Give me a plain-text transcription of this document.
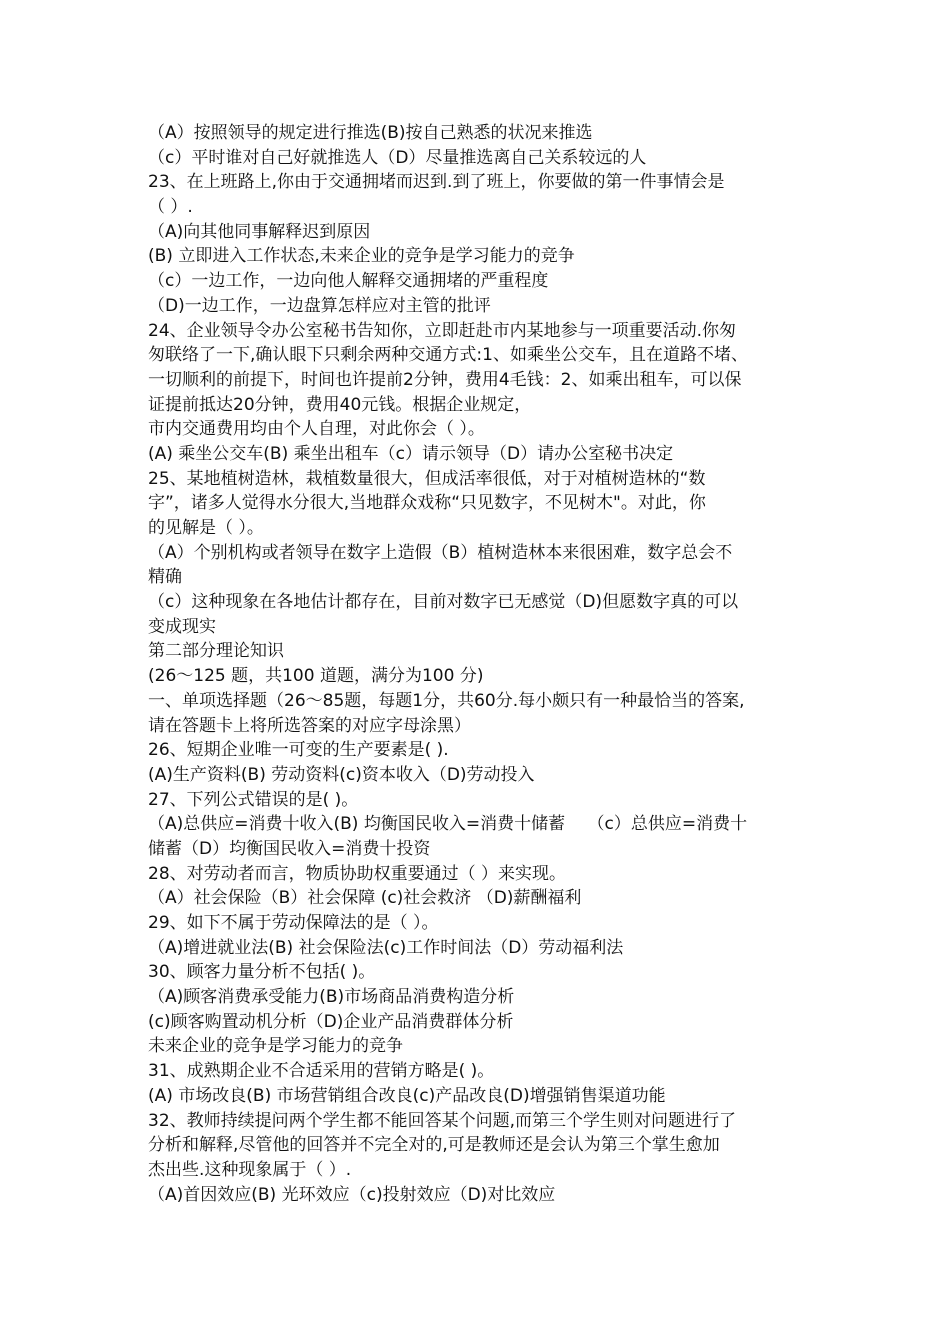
（A）按照领导的规定进行推选(B)按自己熟悉的状况来推选
（c）平时谁对自己好就推选人（D）尽量推选离自己关系较远的人
23、在上班路上,你由于交通拥堵而迟到.到了班上，你要做的第一件事情会是
（ ）.
（A)向其他同事解释迟到原因
(B) 立即进入工作状态,未来企业的竞争是学习能力的竞争
（c）一边工作，一边向他人解释交通拥堵的严重程度
（D)一边工作，一边盘算怎样应对主管的批评
24、企业领导令办公室秘书告知你，立即赶赴市内某地参与一项重要活动.你匆
匆联络了一下,确认眼下只剩余两种交通方式:1、如乘坐公交车，且在道路不堵、
一切顺利的前提下，时间也许提前2分钟，费用4毛钱：2、如乘出租车，可以保
证提前抵达20分钟，费用40元钱。根据企业规定，
市内交通费用均由个人自理，对此你会（ ）。
(A) 乘坐公交车(B) 乘坐出租车（c）请示领导（D）请办公室秘书决定
25、某地植树造林，栽植数量很大，但成活率很低，对于对植树造林的“数
字”，诸多人觉得水分很大,当地群众戏称“只见数字，不见树木"。对此，你
的见解是（ ）。
（A）个别机构或者领导在数字上造假（B）植树造林本来很困难，数字总会不
精确
（c）这种现象在各地估计都存在，目前对数字已无感觉（D)但愿数字真的可以
变成现实
第二部分理论知识
(26～125 题，共100 道题，满分为100 分)
一、单项选择题（26～85题，每题1分，共60分.每小颇只有一种最恰当的答案,
请在答题卡上将所选答案的对应字母涂黑）
26、短期企业唯一可变的生产要素是( ).
(A)生产资料(B) 劳动资料(c)资本收入（D)劳动投入
27、下列公式错误的是( )。
（A)总供应=消费十收入(B) 均衡国民收入=消费十储蓄　 （c）总供应=消费十
储蓄（D）均衡国民收入=消费十投资
28、对劳动者而言，物质协助权重要通过（ ）来实现。
（A）社会保险（B）社会保障 (c)社会救济 （D)薪酬福利
29、如下不属于劳动保障法的是（ ）。
（A)增进就业法(B) 社会保险法(c)工作时间法（D）劳动福利法
30、顾客力量分析不包括( )。
（A)顾客消费承受能力(B)市场商品消费构造分析
(c)顾客购置动机分析（D)企业产品消费群体分析
未来企业的竞争是学习能力的竞争
31、成熟期企业不合适采用的营销方略是( )。
(A) 市场改良(B) 市场营销组合改良(c)产品改良(D)增强销售渠道功能
32、教师持续提问两个学生都不能回答某个问题,而第三个学生则对问题进行了
分析和解释,尽管他的回答并不完全对的,可是教师还是会认为第三个掌生愈加
杰出些.这种现象属于（ ）.
（A)首因效应(B) 光环效应（c)投射效应（D)对比效应
